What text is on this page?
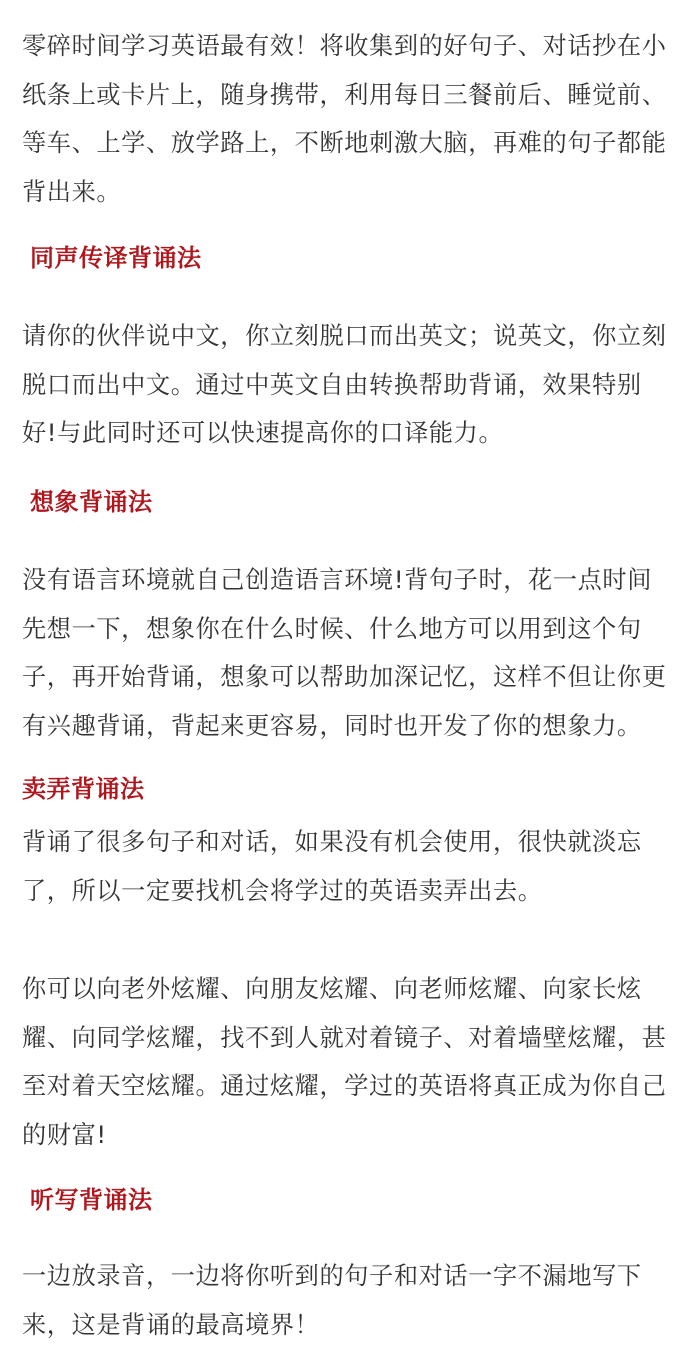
零碎时间学习英语最有效！将收集到的好句子、对话抄在小纸条上或卡片上，随身携带，利用每日三餐前后、睡觉前、等车、上学、放学路上，不断地刺激大脑，再难的句子都能背出来。

同声传译背诵法

请你的伙伴说中文，你立刻脱口而出英文；说英文，你立刻脱口而出中文。通过中英文自由转换帮助背诵，效果特别好!与此同时还可以快速提高你的口译能力。

想象背诵法

没有语言环境就自己创造语言环境!背句子时，花一点时间先想一下，想象你在什么时候、什么地方可以用到这个句子，再开始背诵，想象可以帮助加深记忆，这样不但让你更有兴趣背诵，背起来更容易，同时也开发了你的想象力。

卖弄背诵法

背诵了很多句子和对话，如果没有机会使用，很快就淡忘了，所以一定要找机会将学过的英语卖弄出去。

你可以向老外炫耀、向朋友炫耀、向老师炫耀、向家长炫耀、向同学炫耀，找不到人就对着镜子、对着墙壁炫耀，甚至对着天空炫耀。通过炫耀，学过的英语将真正成为你自己的财富!

听写背诵法

一边放录音，一边将你听到的句子和对话一字不漏地写下来，这是背诵的最高境界！
